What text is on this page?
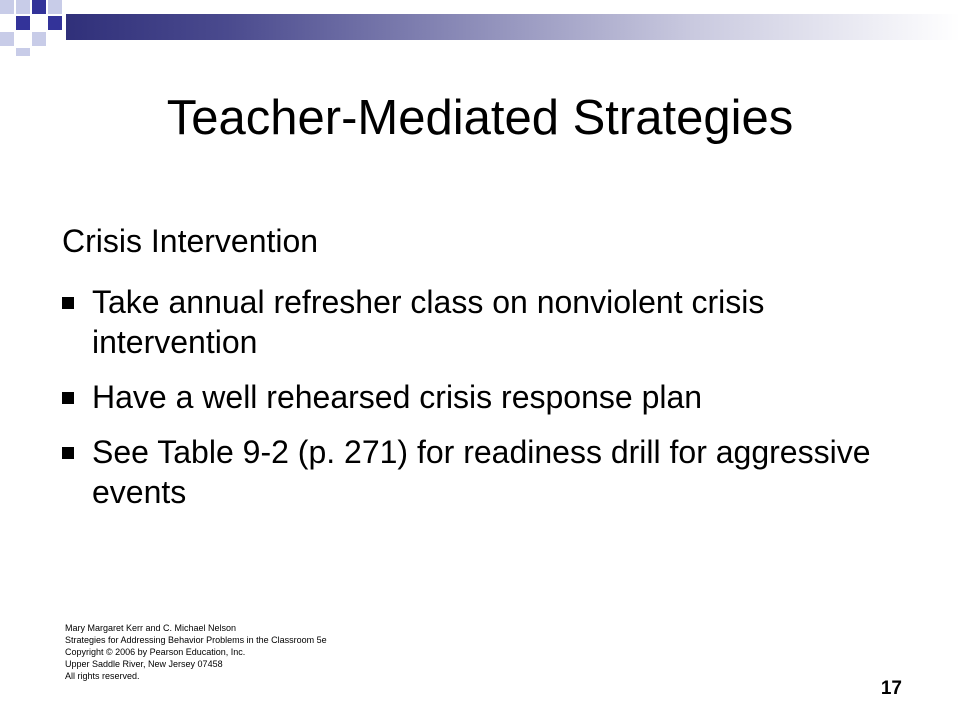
Teacher-Mediated Strategies

Crisis Intervention

Take annual refresher class on nonviolent crisis intervention
Have a well rehearsed crisis response plan
See Table 9-2 (p. 271) for readiness drill for aggressive events
Mary Margaret Kerr and C. Michael Nelson
Strategies for Addressing Behavior Problems in the Classroom 5e
Copyright © 2006 by Pearson Education, Inc.
Upper Saddle River, New Jersey 07458
All rights reserved.
17
